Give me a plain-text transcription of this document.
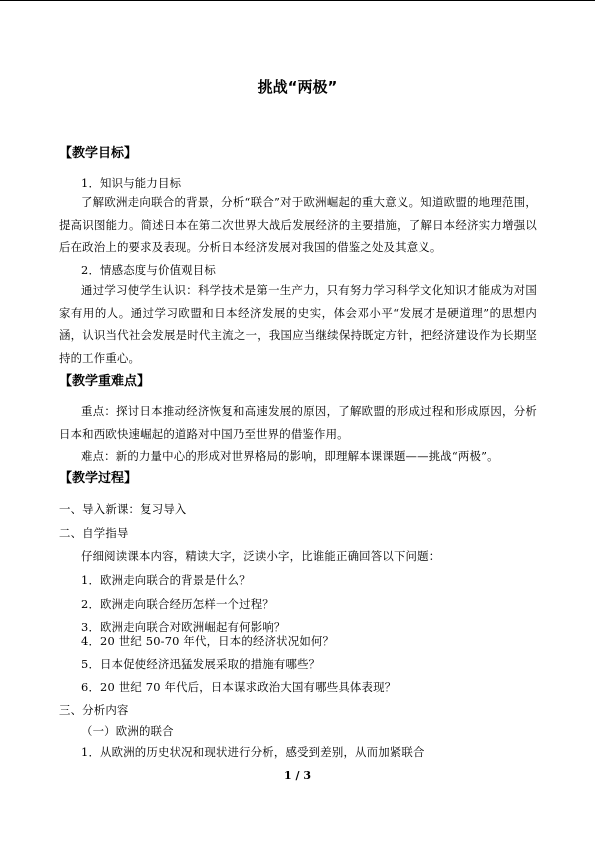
挑战“两极”
【教学目标】
1．知识与能力目标
了解欧洲走向联合的背景，分析“联合”对于欧洲崛起的重大意义。知道欧盟的地理范围，提高识图能力。简述日本在第二次世界大战后发展经济的主要措施，了解日本经济实力增强以后在政治上的要求及表现。分析日本经济发展对我国的借鉴之处及其意义。
2．情感态度与价值观目标
通过学习使学生认识：科学技术是第一生产力，只有努力学习科学文化知识才能成为对国家有用的人。通过学习欧盟和日本经济发展的史实，体会邓小平“发展才是硬道理”的思想内涵，认识当代社会发展是时代主流之一，我国应当继续保持既定方针，把经济建设作为长期坚持的工作重心。
【教学重难点】
重点：探讨日本推动经济恢复和高速发展的原因，了解欧盟的形成过程和形成原因，分析日本和西欧快速崛起的道路对中国乃至世界的借鉴作用。
难点：新的力量中心的形成对世界格局的影响，即理解本课课题——挑战“两极”。
【教学过程】
一、导入新课：复习导入
二、自学指导
仔细阅读课本内容，精读大字，泛读小字，比谁能正确回答以下问题：
1．欧洲走向联合的背景是什么？
2．欧洲走向联合经历怎样一个过程？
3．欧洲走向联合对欧洲崛起有何影响？
4．20 世纪 50-70 年代，日本的经济状况如何？
5．日本促使经济迅猛发展采取的措施有哪些？
6．20 世纪 70 年代后，日本谋求政治大国有哪些具体表现？
三、分析内容
（一）欧洲的联合
1．从欧洲的历史状况和现状进行分析，感受到差别，从而加紧联合
1 / 3
